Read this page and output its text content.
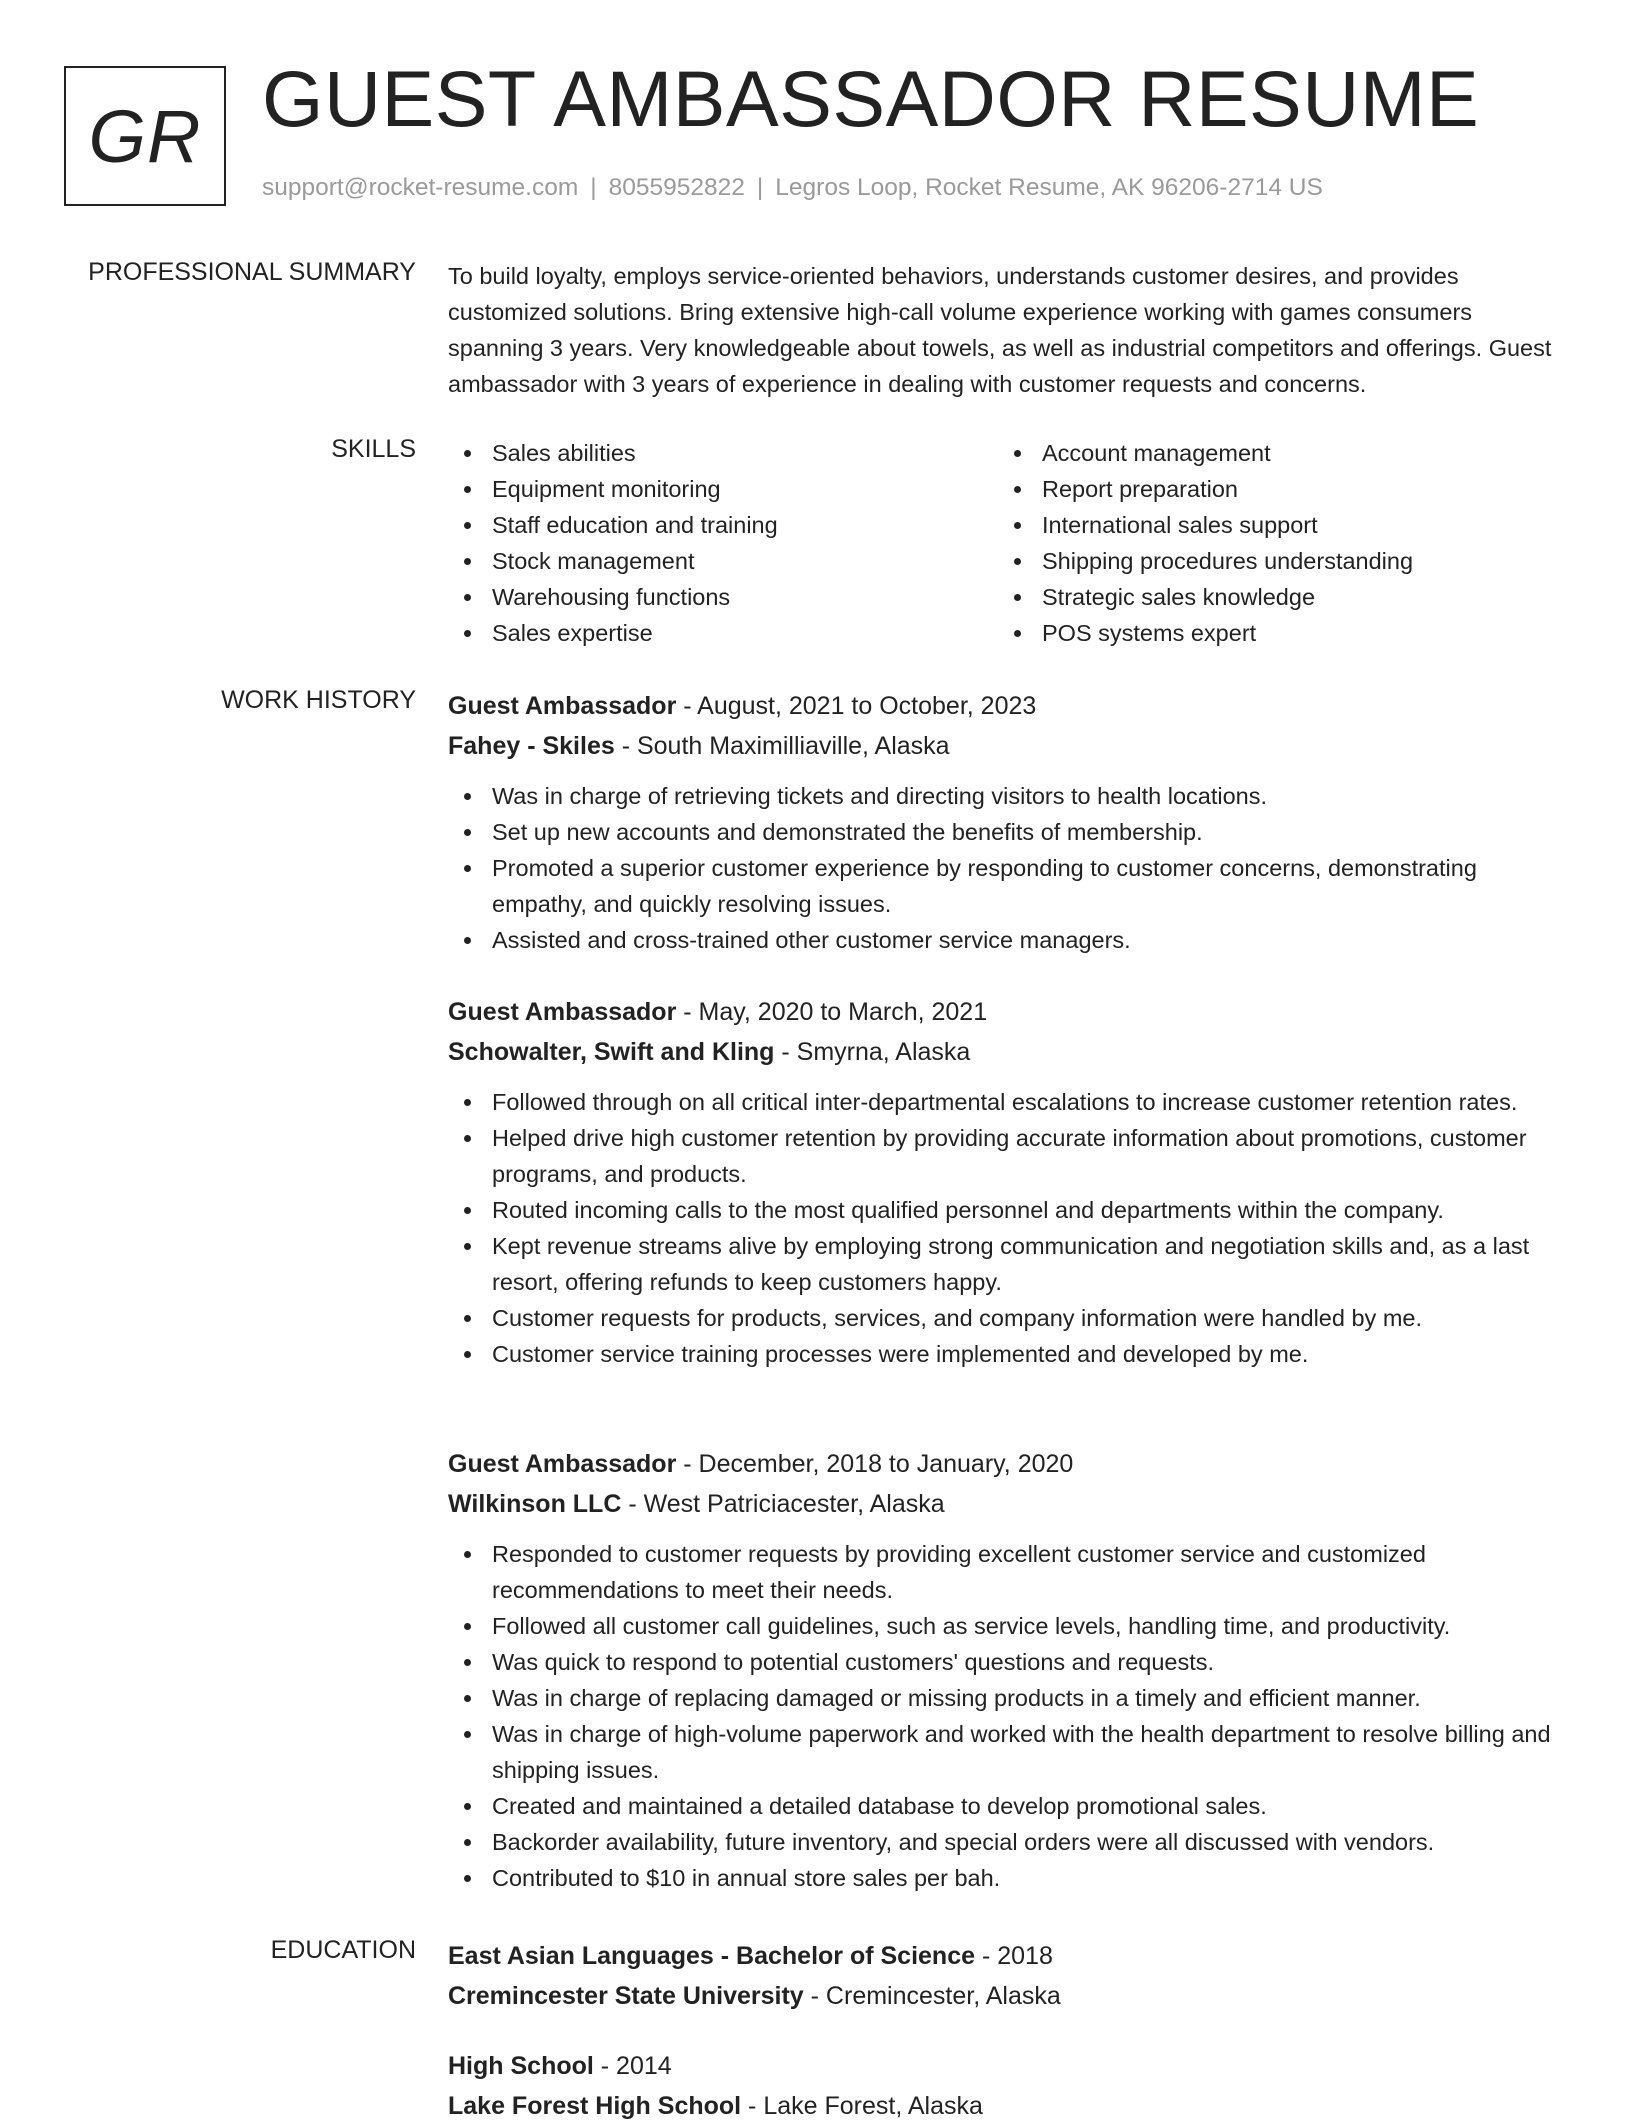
GR GUEST AMBASSADOR RESUME
support@rocket-resume.com | 8055952822 | Legros Loop, Rocket Resume, AK 96206-2714 US
PROFESSIONAL SUMMARY To build loyalty, employs service-oriented behaviors, understands customer desires, and provides customized solutions. Bring extensive high-call volume experience working with games consumers spanning 3 years. Very knowledgeable about towels, as well as industrial competitors and offerings. Guest ambassador with 3 years of experience in dealing with customer requests and concerns.

SKILLS	Sales abilities
Equipment monitoring
Staff education and training
Stock management
Warehousing functions
Sales expertise
Account management
Report preparation
International sales support
Shipping procedures understanding
Strategic sales knowledge
POS systems expert
WORK HISTORY Guest Ambassador - August, 2021 to October, 2023
Fahey - Skiles - South Maximilliaville, Alaska
Was in charge of retrieving tickets and directing visitors to health locations.
Set up new accounts and demonstrated the benefits of membership.
Promoted a superior customer experience by responding to customer concerns, demonstrating empathy, and quickly resolving issues.
Assisted and cross-trained other customer service managers.
Guest Ambassador - May, 2020 to March, 2021
Schowalter, Swift and Kling - Smyrna, Alaska
Followed through on all critical inter-departmental escalations to increase customer retention rates.
Helped drive high customer retention by providing accurate information about promotions, customer programs, and products.
Routed incoming calls to the most qualified personnel and departments within the company.
Kept revenue streams alive by employing strong communication and negotiation skills and, as a last resort, offering refunds to keep customers happy.
Customer requests for products, services, and company information were handled by me.
Customer service training processes were implemented and developed by me.
Guest Ambassador - December, 2018 to January, 2020
Wilkinson LLC - West Patriciacester, Alaska
Responded to customer requests by providing excellent customer service and customized recommendations to meet their needs.
Followed all customer call guidelines, such as service levels, handling time, and productivity.
Was quick to respond to potential customers' questions and requests.
Was in charge of replacing damaged or missing products in a timely and efficient manner.
Was in charge of high-volume paperwork and worked with the health department to resolve billing and shipping issues.
Created and maintained a detailed database to develop promotional sales.
Backorder availability, future inventory, and special orders were all discussed with vendors.
Contributed to $10 in annual store sales per bah.
EDUCATION East Asian Languages - Bachelor of Science - 2018
Cremincester State University - Cremincester, Alaska
High School - 2014
Lake Forest High School - Lake Forest, Alaska
